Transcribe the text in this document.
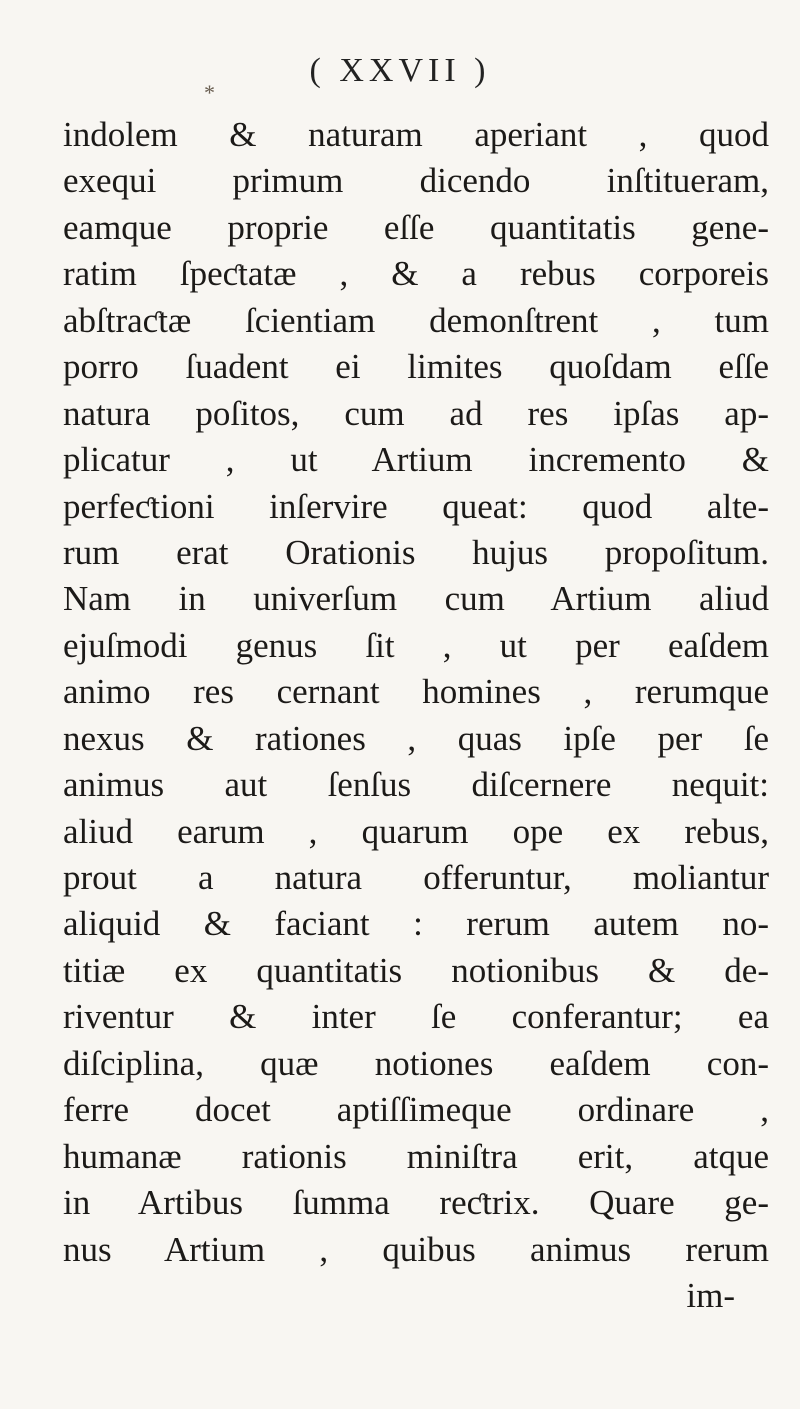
( XXVII )
*
indolem & naturam aperiant , quod
exequi primum dicendo inſtitueram,
eamque proprie eſſe quantitatis gene-
ratim ſpeƈtatæ , & a rebus corporeis
abſtraƈtæ ſcientiam demonſtrent , tum
porro ſuadent ei limites quoſdam eſſe
natura poſitos, cum ad res ipſas ap-
plicatur , ut Artium incremento &
perfeƈtioni inſervire queat: quod alte-
rum erat Orationis hujus propoſitum.
Nam in univerſum cum Artium aliud
ejuſmodi genus ſit , ut per eaſdem
animo res cernant homines , rerumque
nexus & rationes , quas ipſe per ſe
animus aut ſenſus diſcernere nequit:
aliud earum , quarum ope ex rebus,
prout a natura offeruntur, moliantur
aliquid & faciant : rerum autem no-
titiæ ex quantitatis notionibus & de-
riventur & inter ſe conferantur; ea
diſciplina, quæ notiones eaſdem con-
ferre docet aptiſſimeque ordinare ,
humanæ rationis miniſtra erit, atque
in Artibus ſumma reƈtrix. Quare ge-
nus Artium , quibus animus rerum
im-
